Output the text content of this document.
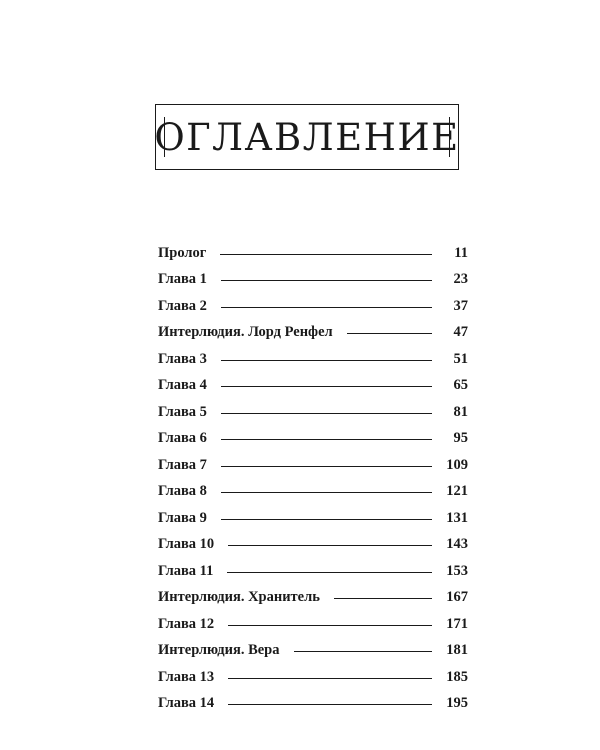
ОГЛАВЛЕНИЕ
Пролог	11
Глава 1	23
Глава 2	37
Интерлюдия. Лорд Ренфел	47
Глава 3	51
Глава 4	65
Глава 5	81
Глава 6	95
Глава 7	109
Глава 8	121
Глава 9	131
Глава 10	143
Глава 11	153
Интерлюдия. Хранитель	167
Глава 12	171
Интерлюдия. Вера	181
Глава 13	185
Глава 14	195
